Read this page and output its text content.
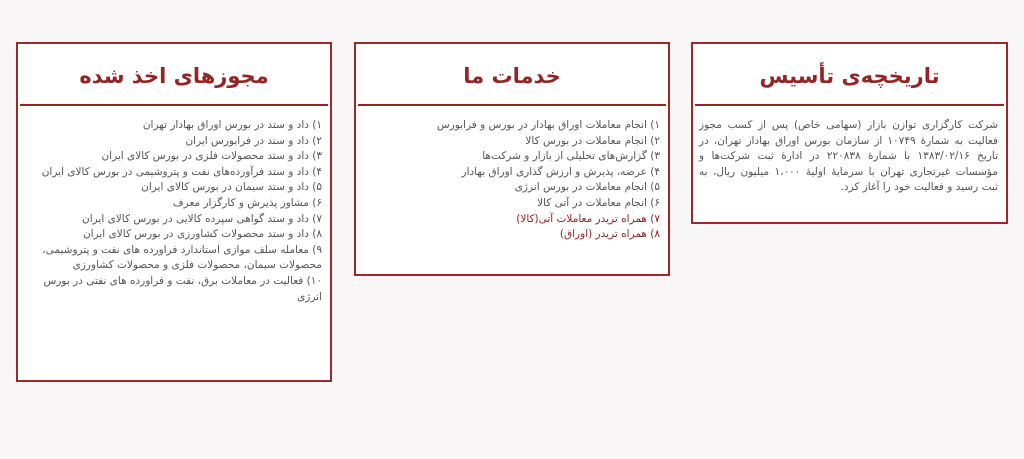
تاریخچه‌ی تأسیس

شرکت کارگزاری توازن بازار (سهامی خاص) پس از کسب مجوز فعالیت به شمارهٔ ۱۰۷۴۹ از سازمان بورس اوراق بهادار تهران، در تاریخ ۱۳۸۳/۰۲/۱۶ با شمارهٔ ۲۲۰۸۳۸ در ادارهٔ ثبت شرکت‌ها و مؤسسات غیرتجاری تهران با سرمایهٔ اولیهٔ ۱،۰۰۰ میلیون ریال، به ثبت رسید و فعالیت خود را آغاز کرد.

خدمات ما
۱) انجام معاملات اوراق بهادار در بورس و فرابورس
۲) انجام معاملات در بورس کالا
۳) گزارش‌های تحلیلی از بازار و شرکت‌ها
۴) عرضه، پذیرش و ارزش گذاری اوراق بهادار
۵) انجام معاملات در بورس انرژی
۶) انجام معاملات در آتی کالا
۷) همراه تریدر معاملات آتی(کالا)
۸) همراه تریدر (اوراق)
مجوزهای اخذ شده
۱) داد و ستد در بورس اوراق بهادار تهران
۲) داد و ستد در فرابورس ایران
۳) داد و ستد محصولات فلزی در بورس کالای ایران
۴) داد و ستد فرآورده‌های نفت و پتروشیمی در بورس کالای ایران
۵) داد و ستد سیمان در بورس کالای ایران
۶) مشاور پذیرش و کارگزار معرف
۷) داد و ستد گواهی سپرده کالایی در بورس کالای ایران
۸) داد و ستد محصولات کشاورزی در بورس کالای ایران
۹) معامله سلف موازی استاندارد فراورده های نفت و پتروشیمی، محصولات سیمان، محصولات فلزی و محصولات کشاورزی
۱۰) فعالیت در معاملات برق، نفت و فراورده های نفتی در بورس انرژی
